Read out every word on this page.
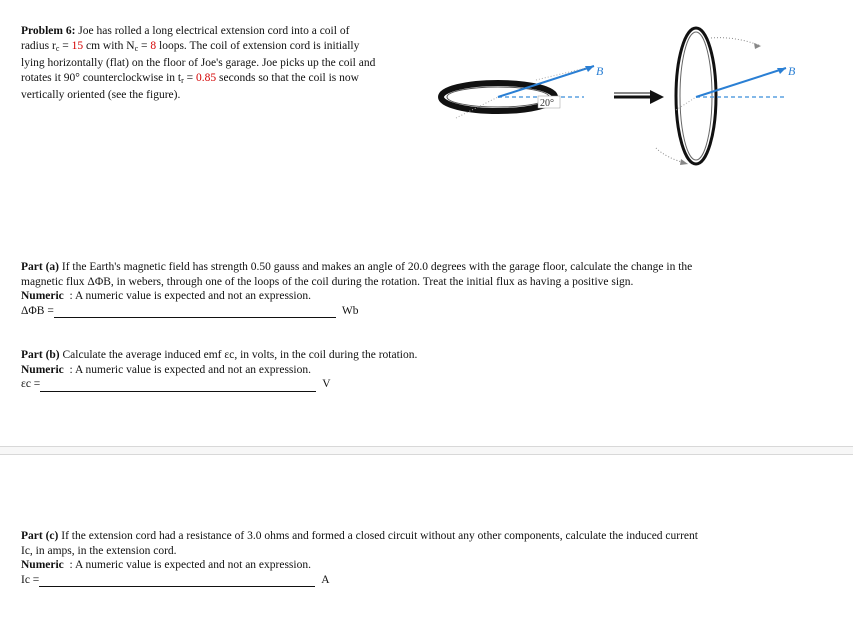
Problem 6: Joe has rolled a long electrical extension cord into a coil of
radius $r_c = 15$ cm with $N_c = 8$ loops. The coil of extension cord is initially
lying horizontally (flat) on the floor of Joe's garage. Joe picks up the coil and
rotates it 90° counterclockwise in $t_r = 0.85$ seconds so that the coil is now
vertically oriented (see the figure).
B
20°
B
Part (a) If the Earth's magnetic field has strength 0.50 gauss and makes an angle of 20.0 degrees with the garage floor, calculate the change in the
magnetic flux ΔΦB, in webers, through one of the loops of the coil during the rotation. Treat the initial flux as having a positive sign.
Numeric : A numeric value is expected and not an expression.
ΔΦB =	Wb
Part (b) Calculate the average induced emf εc, in volts, in the coil during the rotation.
Numeric : A numeric value is expected and not an expression.
εc =	V
Part (c) If the extension cord had a resistance of 3.0 ohms and formed a closed circuit without any other components, calculate the induced current
Ic, in amps, in the extension cord.
Numeric : A numeric value is expected and not an expression.
Ic =	A
